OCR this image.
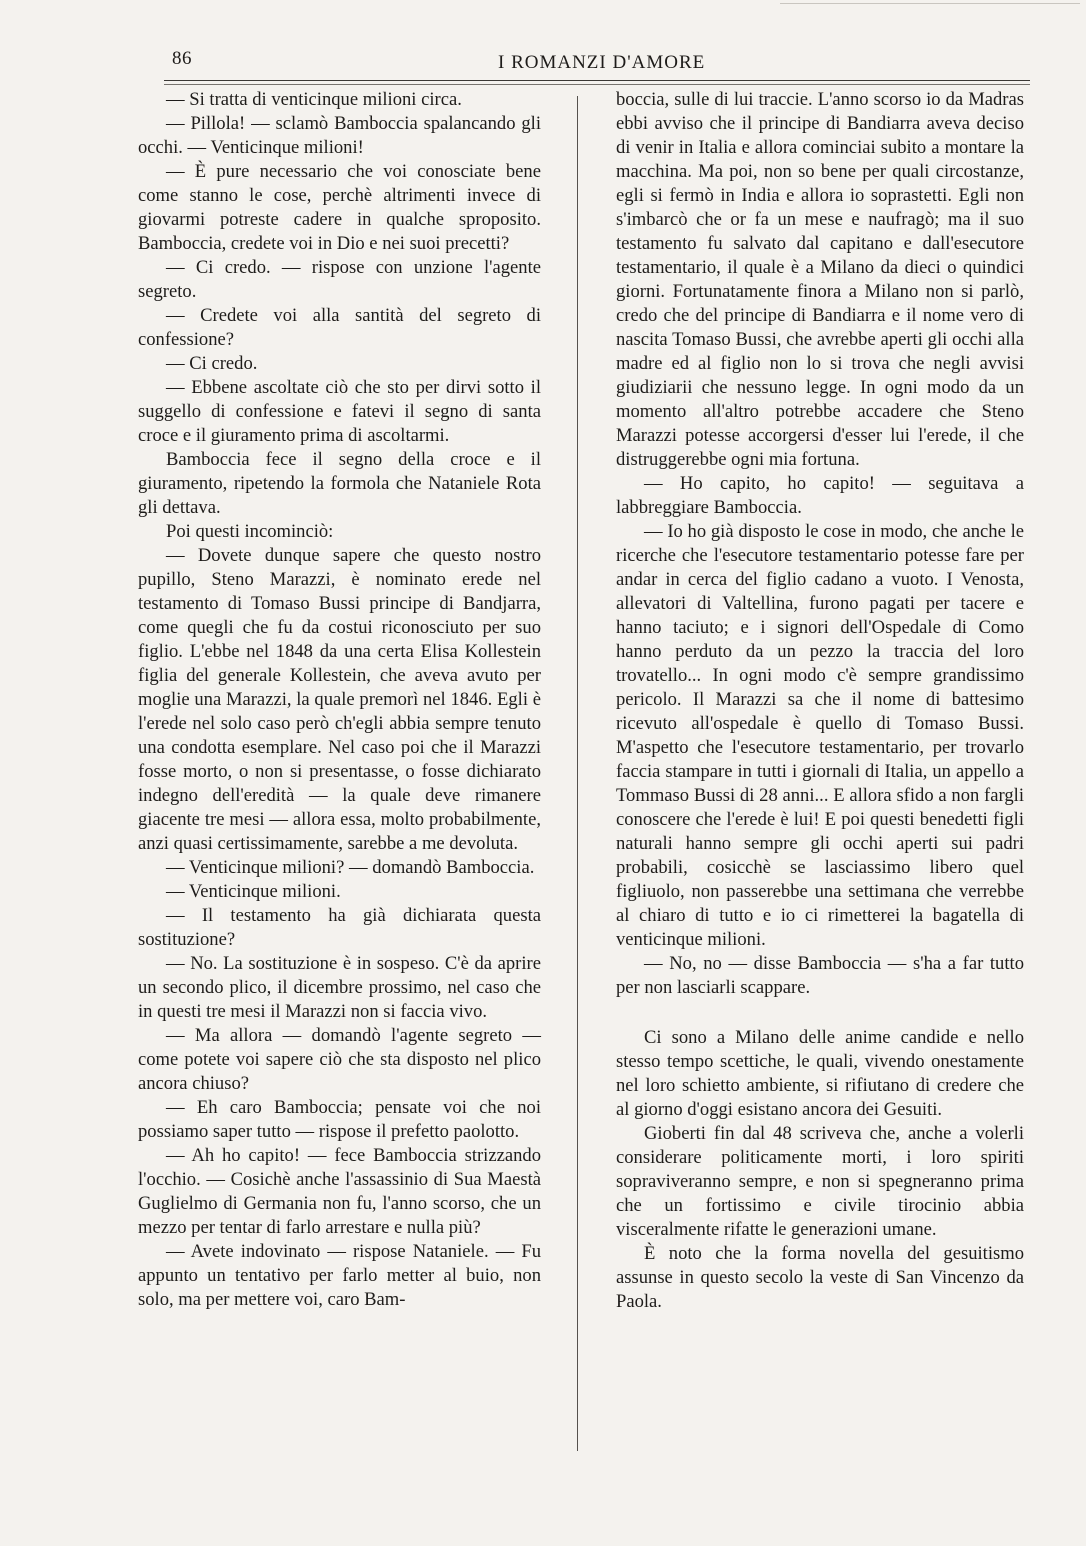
86	I ROMANZI D'AMORE

— Si tratta di venticinque milioni circa.

— Pillola! — sclamò Bamboccia spalancando gli occhi. — Venticinque milioni!

— È pure necessario che voi conosciate bene come stanno le cose, perchè altrimenti invece di giovarmi potreste cadere in qualche sproposito. Bamboccia, credete voi in Dio e nei suoi precetti?

— Ci credo. — rispose con unzione l'agente segreto.

— Credete voi alla santità del segreto di confessione?

— Ci credo.

— Ebbene ascoltate ciò che sto per dirvi sotto il suggello di confessione e fatevi il segno di santa croce e il giuramento prima di ascoltarmi.

Bamboccia fece il segno della croce e il giuramento, ripetendo la formola che Nataniele Rota gli dettava.

Poi questi incominciò:

— Dovete dunque sapere che questo nostro pupillo, Steno Marazzi, è nominato erede nel testamento di Tomaso Bussi principe di Bandjarra, come quegli che fu da costui riconosciuto per suo figlio. L'ebbe nel 1848 da una certa Elisa Kollestein figlia del generale Kollestein, che aveva avuto per moglie una Marazzi, la quale premorì nel 1846. Egli è l'erede nel solo caso però ch'egli abbia sempre tenuto una condotta esemplare. Nel caso poi che il Marazzi fosse morto, o non si presentasse, o fosse dichiarato indegno dell'eredità — la quale deve rimanere giacente tre mesi — allora essa, molto probabilmente, anzi quasi certissimamente, sarebbe a me devoluta.

— Venticinque milioni? — domandò Bamboccia.

— Venticinque milioni.

— Il testamento ha già dichiarata questa sostituzione?

— No. La sostituzione è in sospeso. C'è da aprire un secondo plico, il dicembre prossimo, nel caso che in questi tre mesi il Marazzi non si faccia vivo.

— Ma allora — domandò l'agente segreto — come potete voi sapere ciò che sta disposto nel plico ancora chiuso?

— Eh caro Bamboccia; pensate voi che noi possiamo saper tutto — rispose il prefetto paolotto.

— Ah ho capito! — fece Bamboccia strizzando l'occhio. — Cosichè anche l'assassinio di Sua Maestà Guglielmo di Germania non fu, l'anno scorso, che un mezzo per tentar di farlo arrestare e nulla più?

— Avete indovinato — rispose Nataniele. — Fu appunto un tentativo per farlo metter al buio, non solo, ma per mettere voi, caro Bam-

boccia, sulle di lui traccie. L'anno scorso io da Madras ebbi avviso che il principe di Bandiarra aveva deciso di venir in Italia e allora cominciai subito a montare la macchina. Ma poi, non so bene per quali circostanze, egli si fermò in India e allora io soprastetti. Egli non s'imbarcò che or fa un mese e naufragò; ma il suo testamento fu salvato dal capitano e dall'esecutore testamentario, il quale è a Milano da dieci o quindici giorni. Fortunatamente finora a Milano non si parlò, credo che del principe di Bandiarra e il nome vero di nascita Tomaso Bussi, che avrebbe aperti gli occhi alla madre ed al figlio non lo si trova che negli avvisi giudiziarii che nessuno legge. In ogni modo da un momento all'altro potrebbe accadere che Steno Marazzi potesse accorgersi d'esser lui l'erede, il che distruggerebbe ogni mia fortuna.

— Ho capito, ho capito! — seguitava a labbreggiare Bamboccia.

— Io ho già disposto le cose in modo, che anche le ricerche che l'esecutore testamentario potesse fare per andar in cerca del figlio cadano a vuoto. I Venosta, allevatori di Valtellina, furono pagati per tacere e hanno taciuto; e i signori dell'Ospedale di Como hanno perduto da un pezzo la traccia del loro trovatello... In ogni modo c'è sempre grandissimo pericolo. Il Marazzi sa che il nome di battesimo ricevuto all'ospedale è quello di Tomaso Bussi. M'aspetto che l'esecutore testamentario, per trovarlo faccia stampare in tutti i giornali di Italia, un appello a Tommaso Bussi di 28 anni... E allora sfido a non fargli conoscere che l'erede è lui! E poi questi benedetti figli naturali hanno sempre gli occhi aperti sui padri probabili, cosicchè se lasciassimo libero quel figliuolo, non passerebbe una settimana che verrebbe al chiaro di tutto e io ci rimetterei la bagatella di venticinque milioni.

— No, no — disse Bamboccia — s'ha a far tutto per non lasciarli scappare.

Ci sono a Milano delle anime candide e nello stesso tempo scettiche, le quali, vivendo onestamente nel loro schietto ambiente, si rifiutano di credere che al giorno d'oggi esistano ancora dei Gesuiti.

Gioberti fin dal 48 scriveva che, anche a volerli considerare politicamente morti, i loro spiriti sopraviveranno sempre, e non si spegneranno prima che un fortissimo e civile tirocinio abbia visceralmente rifatte le generazioni umane.

È noto che la forma novella del gesuitismo assunse in questo secolo la veste di San Vincenzo da Paola.
